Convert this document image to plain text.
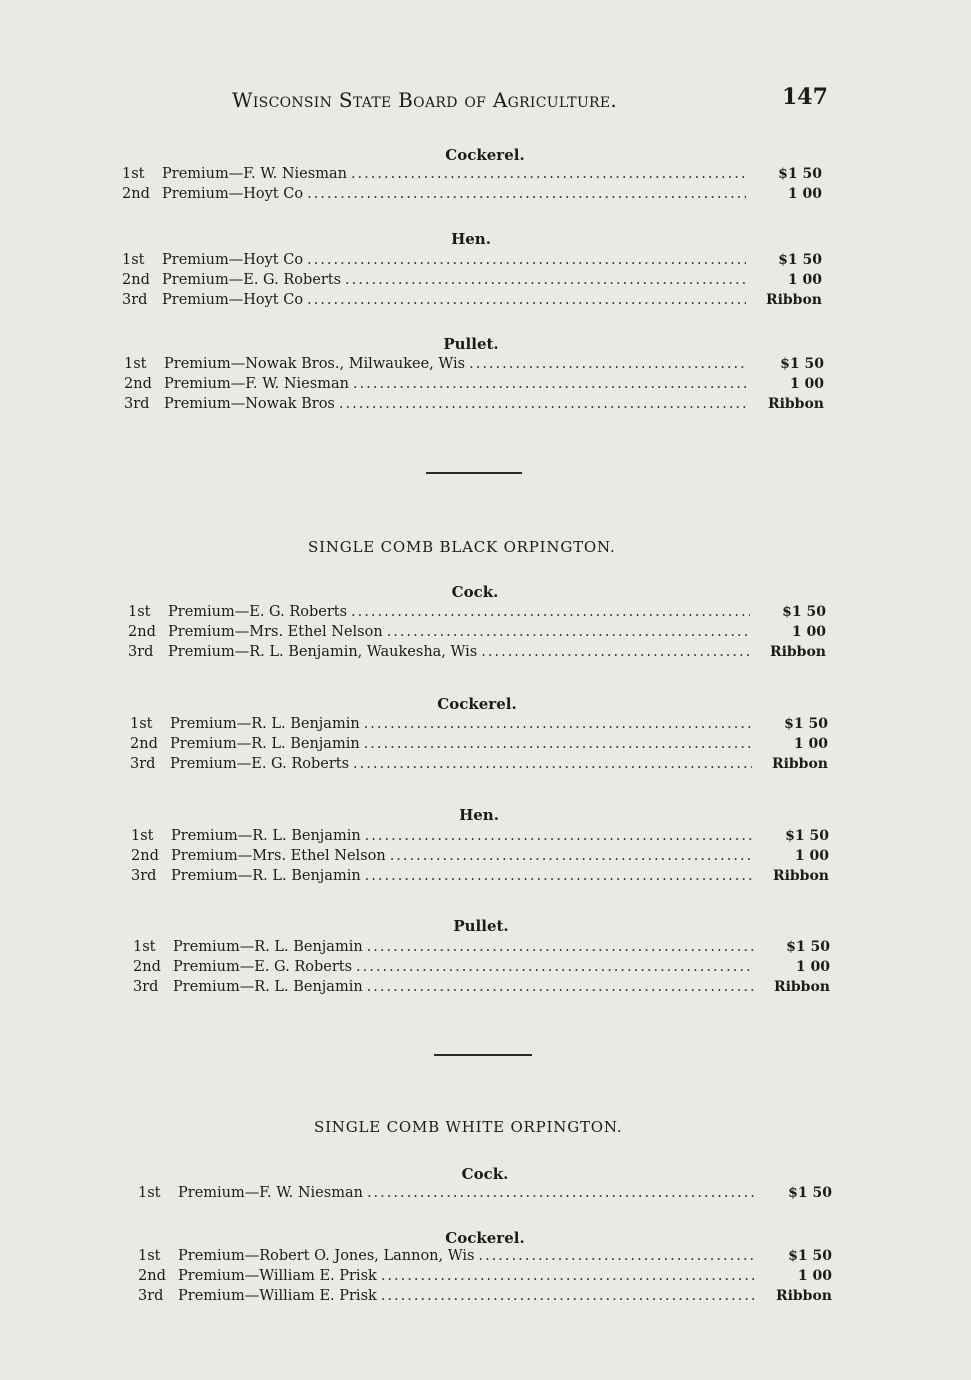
Wisconsin State Board of Agriculture.	147
Cockerel.
1st	Premium—F. W. Niesman .....	$1 50
2nd Premium—Hoyt Co .....	1 00
Hen.
1st	Premium—Hoyt Co .....	$1 50
2nd Premium—E. G. Roberts .....	1 00
3rd	Premium—Hoyt Co .....	Ribbon
Pullet.
1st	Premium—Nowak Bros., Milwaukee, Wis .....	$1 50
2nd Premium—F. W. Niesman .....	1 00
3rd	Premium—Nowak Bros .....	Ribbon
SINGLE COMB BLACK ORPINGTON.
Cock.
1st	Premium—E. G. Roberts .....	$1 50
2nd Premium—Mrs. Ethel Nelson .....	1 00
3rd	Premium—R. L. Benjamin, Waukesha, Wis .....	Ribbon
Cockerel.
1st	Premium—R. L. Benjamin .....	$1 50
2nd Premium—R. L. Benjamin .....	1 00
3rd	Premium—E. G. Roberts .....	Ribbon
Hen.
1st	Premium—R. L. Benjamin .....	$1 50
2nd Premium—Mrs. Ethel Nelson .....	1 00
3rd	Premium—R. L. Benjamin .....	Ribbon
Pullet.
1st	Premium—R. L. Benjamin .....	$1 50
2nd Premium—E. G. Roberts .....	1 00
3rd	Premium—R. L. Benjamin .....	Ribbon
SINGLE COMB WHITE ORPINGTON.
Cock.
1st	Premium—F. W. Niesman .....	$1 50
Cockerel.
1st	Premium—Robert O. Jones, Lannon, Wis .....	$1 50
2nd Premium—William E. Prisk .....	1 00
3rd	Premium—William E. Prisk .....	Ribbon
